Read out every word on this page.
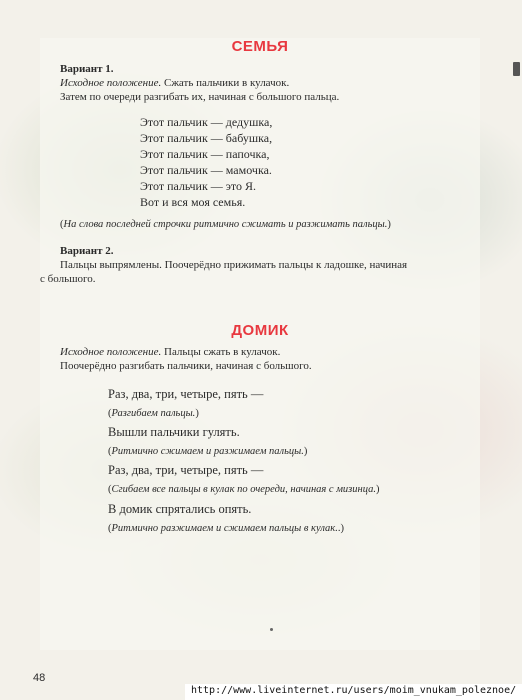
СЕМЬЯ
Вариант 1.
Исходное положение. Сжать пальчики в кулачок.
Затем по очереди разгибать их, начиная с большого пальца.
Этот пальчик — дедушка,
Этот пальчик — бабушка,
Этот пальчик — папочка,
Этот пальчик — мамочка.
Этот пальчик — это Я.
Вот и вся моя семья.
(На слова последней строчки ритмично сжимать и разжимать пальцы.)
Вариант 2.
Пальцы выпрямлены. Поочерёдно прижимать пальцы к ладошке, начиная
с большого.
ДОМИК
Исходное положение. Пальцы сжать в кулачок.
Поочерёдно разгибать пальчики, начиная с большого.
Раз, два, три, четыре, пять —
(Разгибаем пальцы.)
Вышли пальчики гулять.
(Ритмично сжимаем и разжимаем пальцы.)
Раз, два, три, четыре, пять —
(Сгибаем все пальцы в кулак по очереди, начиная с мизинца.)
В домик спрятались опять.
(Ритмично разжимаем и сжимаем пальцы в кулак..)
48
http://www.liveinternet.ru/users/moim_vnukam_poleznoe/
